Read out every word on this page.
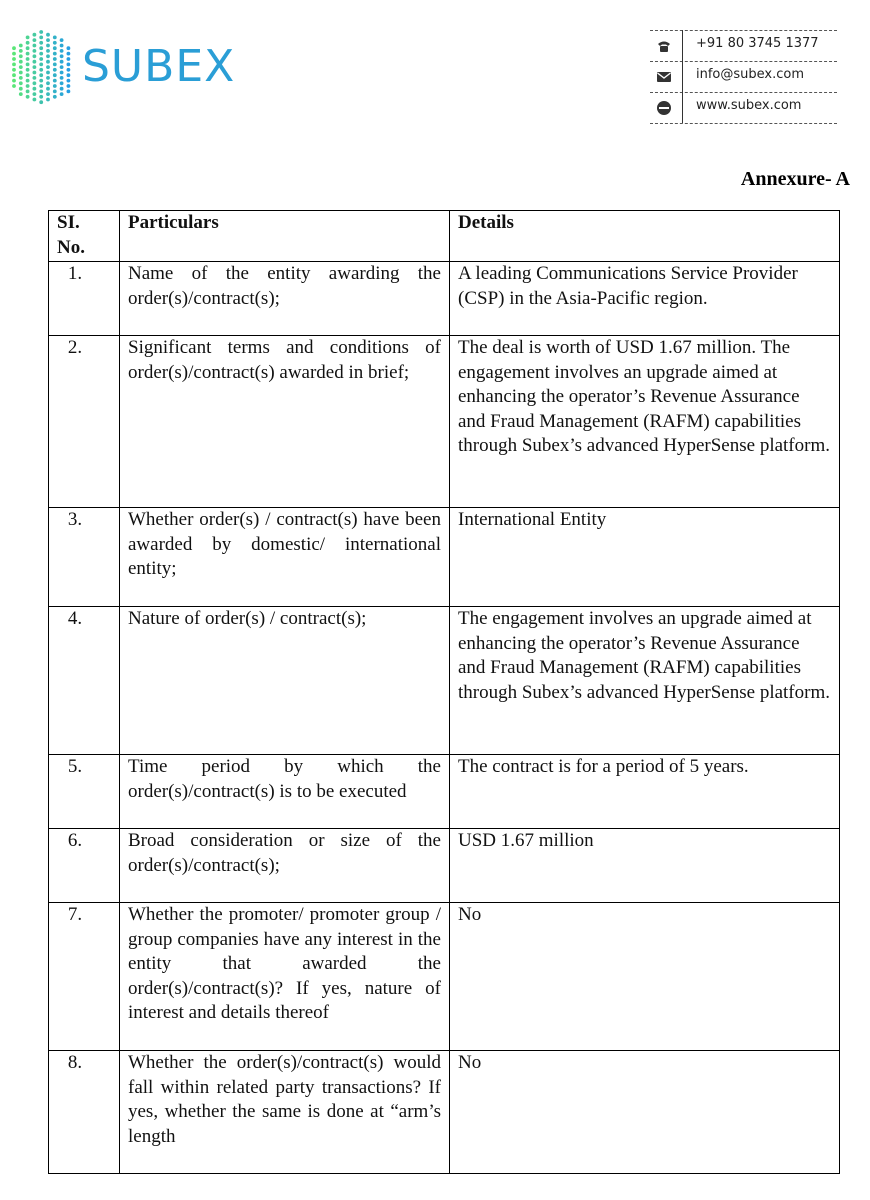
SUBEX	+91 80 3745 1377
info@subex.com
www.subex.com
Annexure- A
SI. No.	Particulars	Details
1.	Name of the entity awarding the order(s)/contract(s);	A leading Communications Service Provider (CSP) in the Asia-Pacific region.
2.	Significant terms and conditions of order(s)/contract(s) awarded in brief;	The deal is worth of USD 1.67 million. The engagement involves an upgrade aimed at enhancing the operator’s Revenue Assurance and Fraud Management (RAFM) capabilities through Subex’s advanced HyperSense platform.
3.	Whether order(s) / contract(s) have been awarded by domestic/ international entity;	International Entity
4.	Nature of order(s) / contract(s);	The engagement involves an upgrade aimed at enhancing the operator’s Revenue Assurance and Fraud Management (RAFM) capabilities through Subex’s advanced HyperSense platform.
5.	Time period by which the order(s)/contract(s) is to be executed	The contract is for a period of 5 years.
6.	Broad consideration or size of the order(s)/contract(s);	USD 1.67 million
7.	Whether the promoter/ promoter group / group companies have any interest in the entity that awarded the order(s)/contract(s)? If yes, nature of interest and details thereof	No
8.	Whether the order(s)/contract(s) would fall within related party transactions? If yes, whether the same is done at “arm’s length	No
